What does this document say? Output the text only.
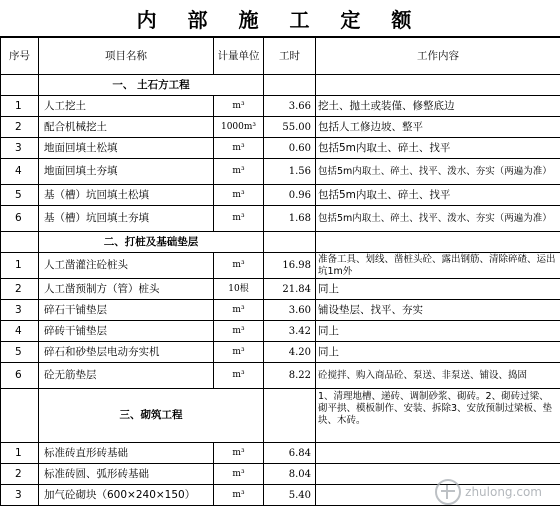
内 部 施 工 定 额
序号	项目名称	计量单位	工时	工作内容
	一、 土石方工程			
1	人工挖土	m³	3.66	挖土、抛土或装僅、修整底边
2	配合机械挖土	1000m³	55.00	包括人工修边坡、整平
3	地面回填土松填	m³	0.60	包括5m内取土、碎土、找平
4	地面回填土夯填	m³	1.56	包括5m内取土、碎土、找平、泼水、夯实（两遍为准）
5	基（槽）坑回填土松填	m³	0.96	包括5m内取土、碎土、找平
6	基（槽）坑回填土夯填	m³	1.68	包括5m内取土、碎土、找平、泼水、夯实（两遍为准）
	二、打桩及基础垫层			
1	人工凿灌注砼桩头	m³	16.98	准备工具、划线、凿桩头砼、露出钢筋、清除碎碴、运出坑1m外
2	人工凿预制方（管）桩头	10根	21.84	同上
3	碎石干铺垫层	m³	3.60	铺设垫层、找平、夯实
4	碎砖干铺垫层	m³	3.42	同上
5	碎石和砂垫层电动夯实机	m³	4.20	同上
6	砼无筋垫层	m³	8.22	砼搅拌、购入商品砼、泵送、非泵送、铺设、捣固
	三、砌筑工程			1、清理地槽、递砖、调制砂浆、砌砖。2、砌砖过梁、砌平拱、模板制作、安装、拆除3、安放预制过梁板、垫块、木砖。
1	标准砖直形砖基础	m³	6.84	
2	标准砖圆、弧形砖基础	m³	8.04	
3	加气砼砌块（600×240×150）	m³	5.40		zhulong.com
